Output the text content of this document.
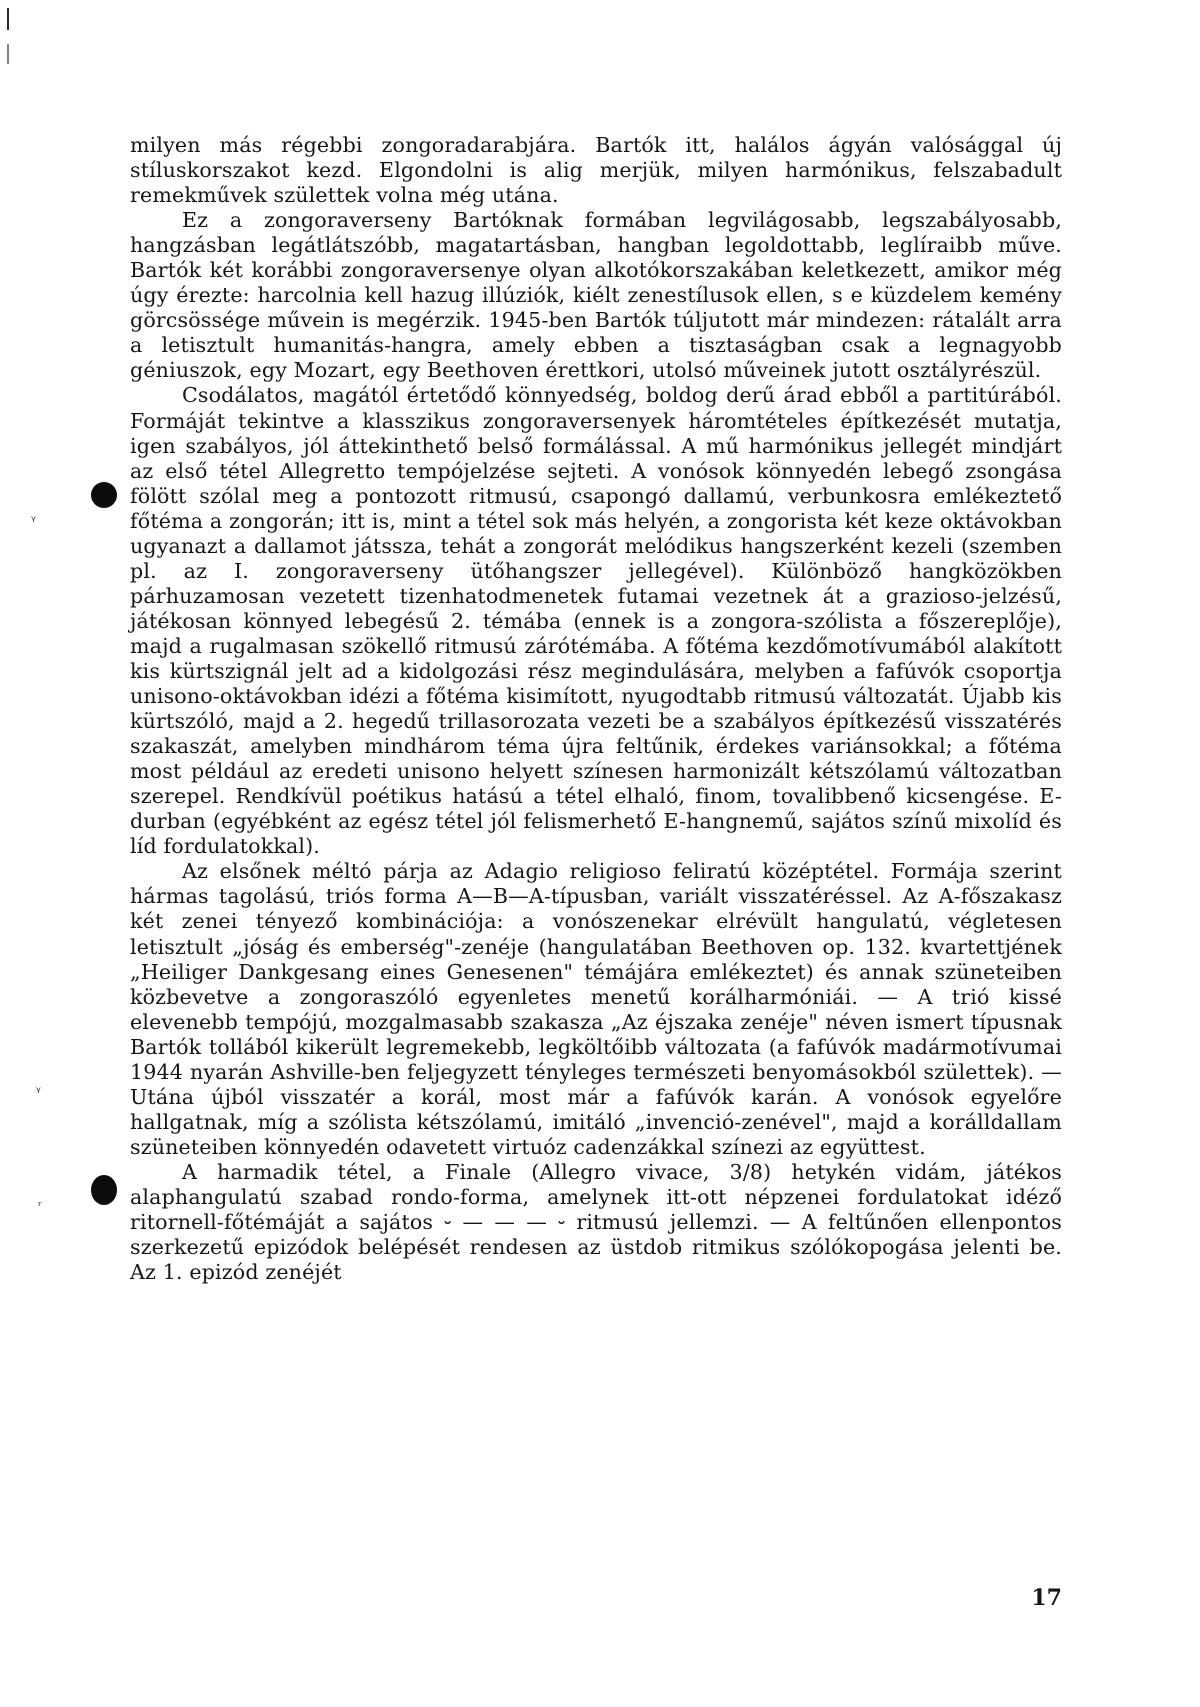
ᵞ
ᵞ
ᵣ

milyen más régebbi zongoradarabjára. Bartók itt, halálos ágyán valósággal új stíluskorszakot kezd. Elgondolni is alig merjük, milyen harmónikus, felszabadult remekművek születtek volna még utána.

Ez a zongoraverseny Bartóknak formában legvilágosabb, legszabályosabb, hangzásban legátlátszóbb, magatartásban, hangban legoldottabb, leglíraibb műve. Bartók két korábbi zongoraversenye olyan alkotókorszakában keletkezett, amikor még úgy érezte: harcolnia kell hazug illúziók, kiélt zenestílusok ellen, s e küzdelem kemény görcsössége művein is megérzik. 1945-ben Bartók túljutott már mindezen: rátalált arra a letisztult humanitás-hangra, amely ebben a tisztaságban csak a legnagyobb géniuszok, egy Mozart, egy Beethoven érettkori, utolsó műveinek jutott osztályrészül.

Csodálatos, magától értetődő könnyedség, boldog derű árad ebből a partitúrából. Formáját tekintve a klasszikus zongoraversenyek háromtételes építkezését mutatja, igen szabályos, jól áttekinthető belső formálással. A mű harmónikus jellegét mindjárt az első tétel Allegretto tempójelzése sejteti. A vonósok könnyedén lebegő zsongása fölött szólal meg a pontozott ritmusú, csapongó dallamú, verbunkosra emlékeztető főtéma a zongorán; itt is, mint a tétel sok más helyén, a zongorista két keze oktávokban ugyanazt a dallamot játssza, tehát a zongorát melódikus hangszerként kezeli (szemben pl. az I. zongoraverseny ütőhangszer jellegével). Különböző hangközökben párhuzamosan vezetett tizenhatodmenetek futamai vezetnek át a grazioso-jelzésű, játékosan könnyed lebegésű 2. témába (ennek is a zongora-szólista a főszereplője), majd a rugalmasan szökellő ritmusú zárótémába. A főtéma kezdőmotívumából alakított kis kürtszignál jelt ad a kidolgozási rész megindulására, melyben a fafúvók csoportja unisono-oktávokban idézi a főtéma kisimított, nyugodtabb ritmusú változatát. Újabb kis kürtszóló, majd a 2. hegedű trillasorozata vezeti be a szabályos építkezésű visszatérés szakaszát, amelyben mindhárom téma újra feltűnik, érdekes variánsokkal; a főtéma most például az eredeti unisono helyett színesen harmonizált kétszólamú változatban szerepel. Rendkívül poétikus hatású a tétel elhaló, finom, tovalibbenő kicsengése. E-durban (egyébként az egész tétel jól felismerhető E-hangnemű, sajátos színű mixolíd és líd fordulatokkal).

Az elsőnek méltó párja az Adagio religioso feliratú középtétel. Formája szerint hármas tagolású, triós forma A—B—A-típusban, variált visszatéréssel. Az A-főszakasz két zenei tényező kombinációja: a vonószenekar elrévült hangulatú, végletesen letisztult „jóság és emberség"-zenéje (hangulatában Beethoven op. 132. kvartettjének „Heiliger Dankgesang eines Genesenen" témájára emlékeztet) és annak szüneteiben közbevetve a zongoraszóló egyenletes menetű korálharmóniái. — A trió kissé elevenebb tempójú, mozgalmasabb szakasza „Az éjszaka zenéje" néven ismert típusnak Bartók tollából kikerült legremekebb, legköltőibb változata (a fafúvók madármotívumai 1944 nyarán Ashville-ben feljegyzett tényleges természeti benyomásokból születtek). — Utána újból visszatér a korál, most már a fafúvók karán. A vonósok egyelőre hallgatnak, míg a szólista kétszólamú, imitáló „invenció-zenével", majd a korálldallam szüneteiben könnyedén odavetett virtuóz cadenzákkal színezi az együttest.

A harmadik tétel, a Finale (Allegro vivace, 3/8) hetykén vidám, játékos alaphangulatú szabad rondo-forma, amelynek itt-ott népzenei fordulatokat idéző ritornell-főtémáját a sajátos ⏑ — — — ⏑ ritmusú jellemzi. — A feltűnően ellenpontos szerkezetű epizódok belépését rendesen az üstdob ritmikus szólókopogása jelenti be. Az 1. epizód zenéjét

17
